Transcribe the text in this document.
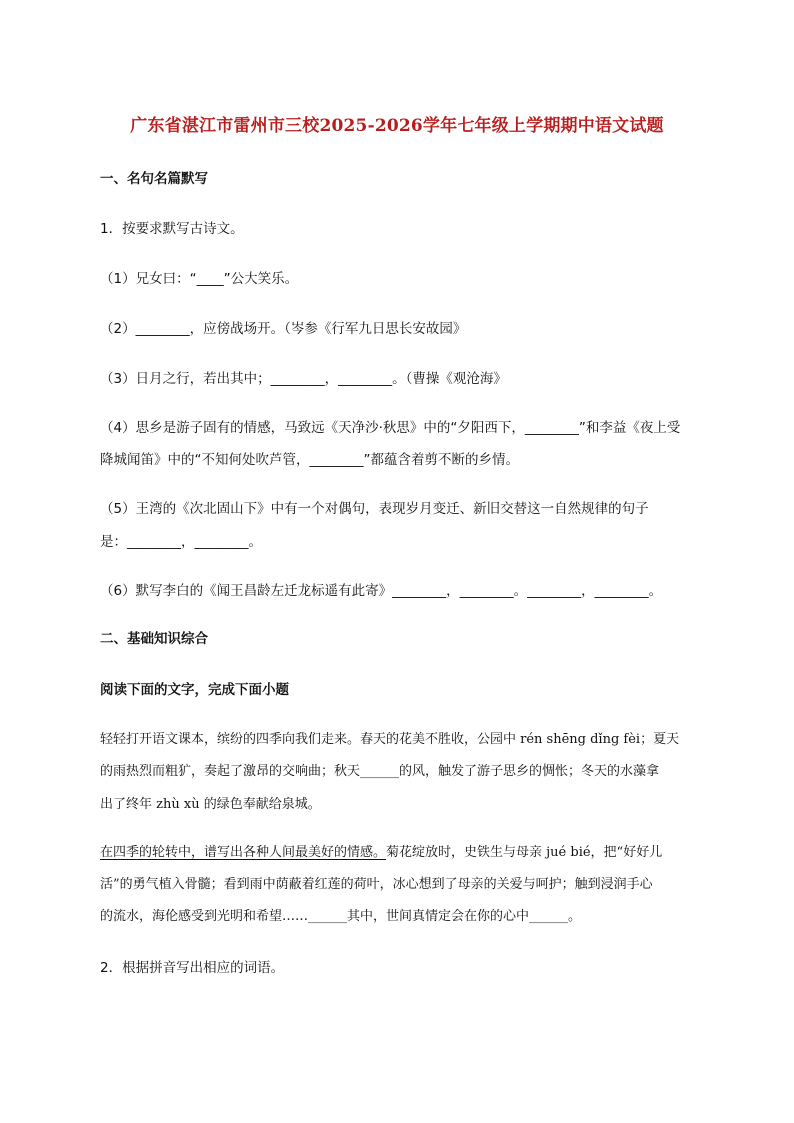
广东省湛江市雷州市三校2025-2026学年七年级上学期期中语文试题
一、名句名篇默写
1．按要求默写古诗文。
（1）兄女曰：“____”公大笑乐。
（2）________，应傍战场开。（岑参《行军九日思长安故园》
（3）日月之行，若出其中；________，________。（曹操《观沧海》
（4）思乡是游子固有的情感，马致远《天净沙·秋思》中的“夕阳西下，________”和李益《夜上受
降城闻笛》中的“不知何处吹芦管，________”都蕴含着剪不断的乡情。
（5）王湾的《次北固山下》中有一个对偶句，表现岁月变迁、新旧交替这一自然规律的句子
是：________，________。
（6）默写李白的《闻王昌龄左迁龙标遥有此寄》________，________。________，________。
二、基础知识综合
阅读下面的文字，完成下面小题
轻轻打开语文课本，缤纷的四季向我们走来。春天的花美不胜收，公园中 rén shēng dǐng fèi；夏天
的雨热烈而粗犷，奏起了激昂的交响曲；秋天______的风，触发了游子思乡的惆怅；冬天的水藻拿
出了终年 zhù xù 的绿色奉献给泉城。
在四季的轮转中，谱写出各种人间最美好的情感。菊花绽放时，史铁生与母亲 jué bié，把“好好儿
活”的勇气植入骨髓；看到雨中荫蔽着红莲的荷叶，冰心想到了母亲的关爱与呵护；触到浸润手心
的流水，海伦感受到光明和希望……______其中，世间真情定会在你的心中______。
2．根据拼音写出相应的词语。
